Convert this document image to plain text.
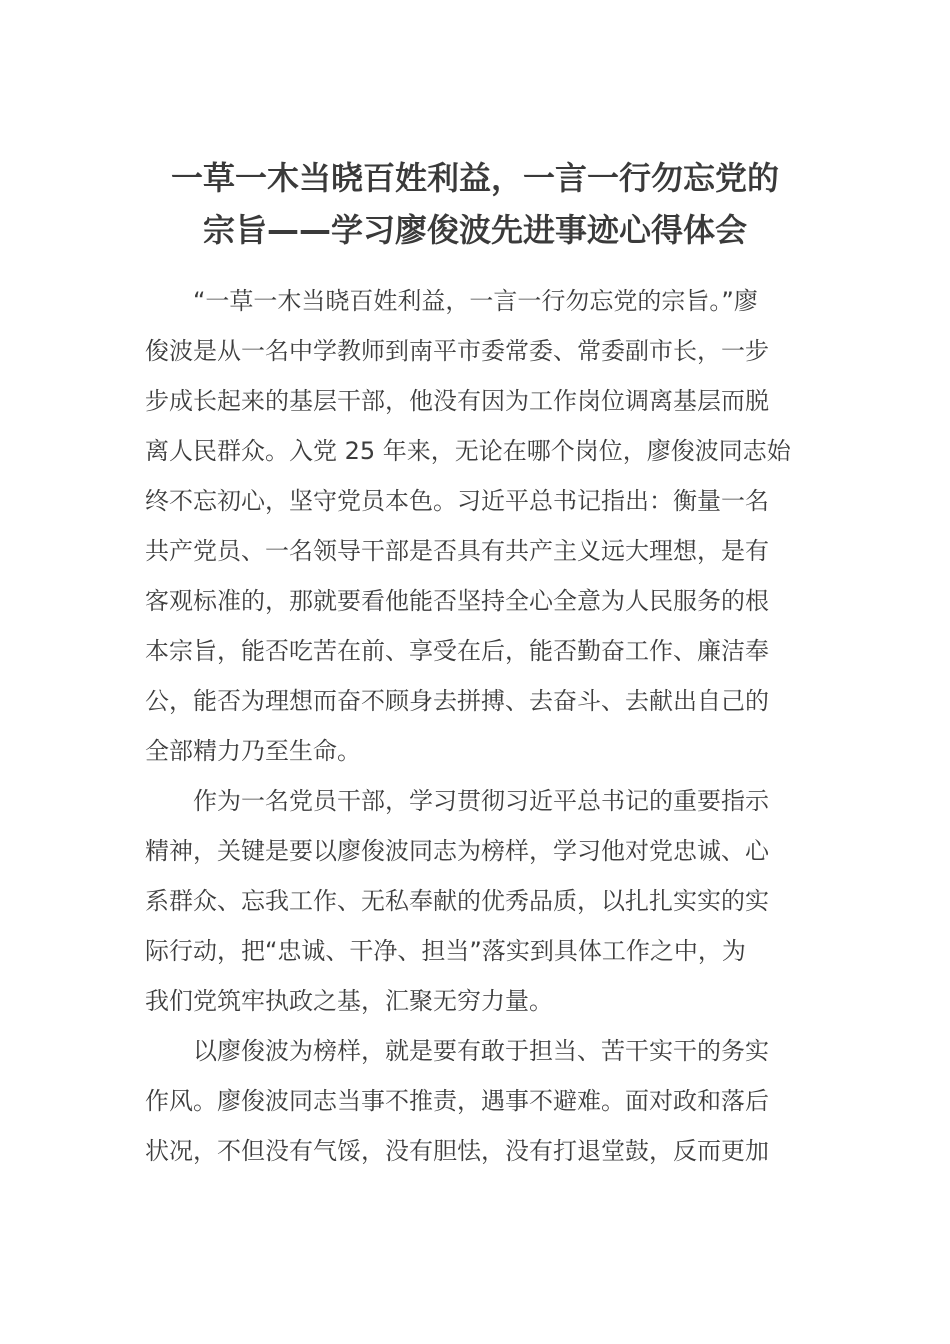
一草一木当晓百姓利益，一言一行勿忘党的
宗旨——学习廖俊波先进事迹心得体会

“一草一木当晓百姓利益，一言一行勿忘党的宗旨。”廖
俊波是从一名中学教师到南平市委常委、常委副市长，一步
步成长起来的基层干部，他没有因为工作岗位调离基层而脱
离人民群众。入党 25 年来，无论在哪个岗位，廖俊波同志始
终不忘初心，坚守党员本色。习近平总书记指出：衡量一名
共产党员、一名领导干部是否具有共产主义远大理想，是有
客观标准的，那就要看他能否坚持全心全意为人民服务的根
本宗旨，能否吃苦在前、享受在后，能否勤奋工作、廉洁奉
公，能否为理想而奋不顾身去拼搏、去奋斗、去献出自己的
全部精力乃至生命。

作为一名党员干部，学习贯彻习近平总书记的重要指示
精神，关键是要以廖俊波同志为榜样，学习他对党忠诚、心
系群众、忘我工作、无私奉献的优秀品质，以扎扎实实的实
际行动，把“忠诚、干净、担当”落实到具体工作之中，为
我们党筑牢执政之基，汇聚无穷力量。

以廖俊波为榜样，就是要有敢于担当、苦干实干的务实
作风。廖俊波同志当事不推责，遇事不避难。面对政和落后
状况，不但没有气馁，没有胆怯，没有打退堂鼓，反而更加
